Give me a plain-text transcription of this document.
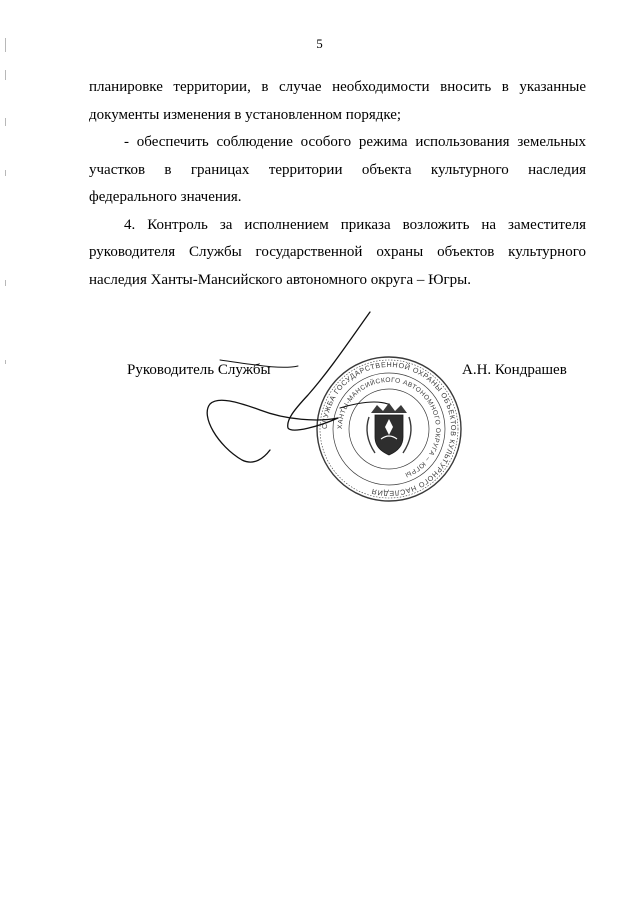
5
планировке территории, в случае необходимости вносить в указанные
документы изменения в установленном порядке;
- обеспечить соблюдение особого режима использования земельных
участков в границах территории объекта культурного наследия
федерального значения.
4. Контроль за исполнением приказа возложить на заместителя
руководителя Службы государственной охраны объектов культурного
наследия Ханты-Мансийского автономного округа – Югры.
Руководитель Службы	А.Н. Кондрашев
СЛУЖБА ГОСУДАРСТВЕННОЙ ОХРАНЫ ОБЪЕКТОВ КУЛЬТУРНОГО НАСЛЕДИЯ
ХАНТЫ-МАНСИЙСКОГО АВТОНОМНОГО ОКРУГА – ЮГРЫ
